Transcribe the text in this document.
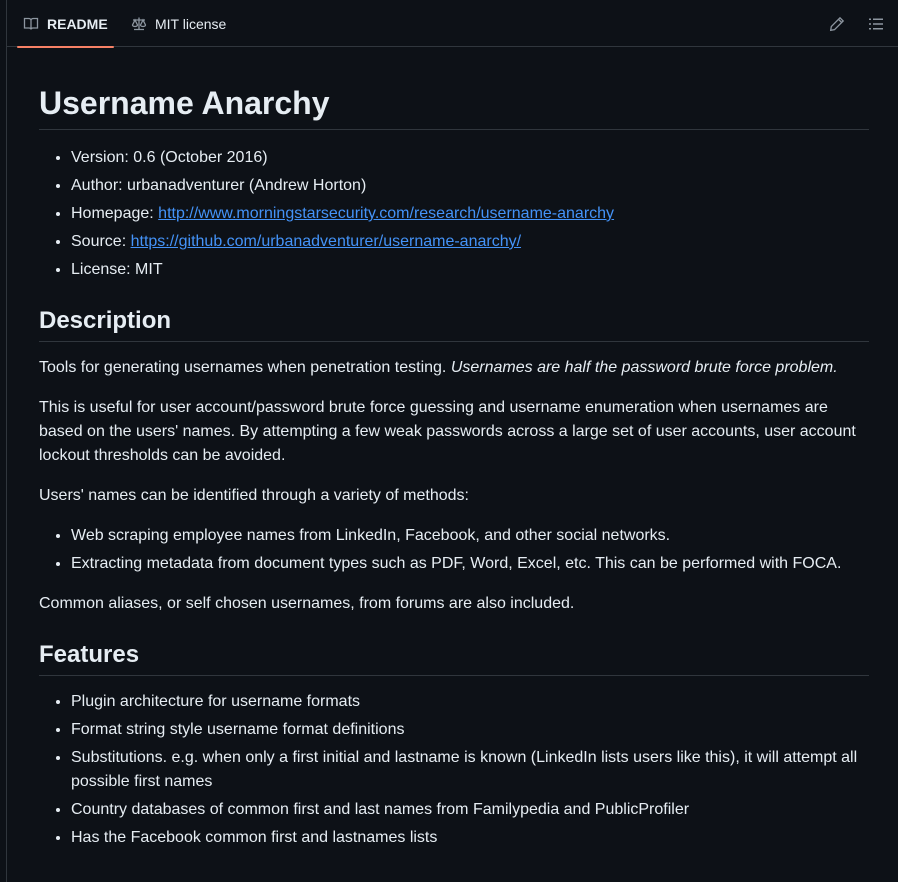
README	MIT license
Username Anarchy
• Version: 0.6 (October 2016)
• Author: urbanadventurer (Andrew Horton)
• Homepage: http://www.morningstarsecurity.com/research/username-anarchy
• Source: https://github.com/urbanadventurer/username-anarchy/
• License: MIT
Description

Tools for generating usernames when penetration testing. Usernames are half the password brute force problem.

This is useful for user account/password brute force guessing and username enumeration when usernames are based on the users' names. By attempting a few weak passwords across a large set of user accounts, user account lockout thresholds can be avoided.

Users' names can be identified through a variety of methods:

• Web scraping employee names from LinkedIn, Facebook, and other social networks.
• Extracting metadata from document types such as PDF, Word, Excel, etc. This can be performed with FOCA.

Common aliases, or self chosen usernames, from forums are also included.

Features
• Plugin architecture for username formats
• Format string style username format definitions
• Substitutions. e.g. when only a first initial and lastname is known (LinkedIn lists users like this), it will attempt all possible first names
• Country databases of common first and last names from Familypedia and PublicProfiler
• Has the Facebook common first and lastnames lists
